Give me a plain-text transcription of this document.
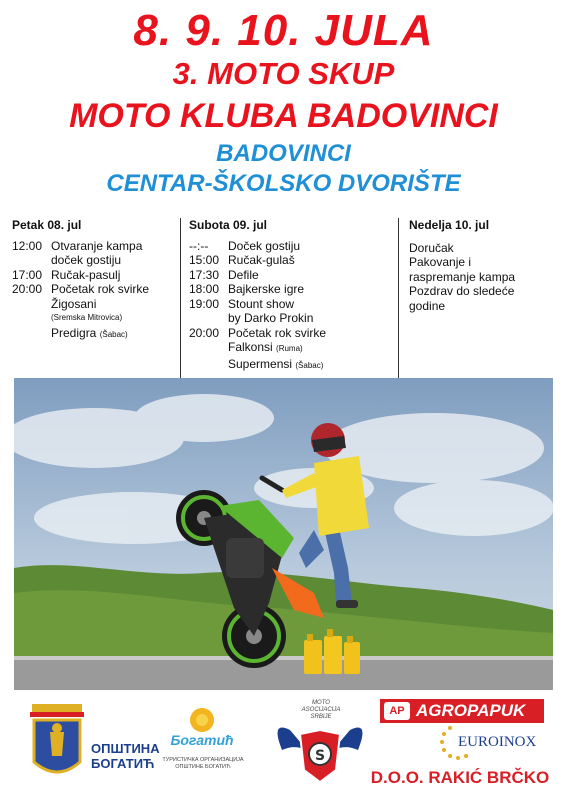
8. 9. 10. JULA
3. MOTO SKUP
MOTO KLUBA BADOVINCI
BADOVINCI
CENTAR-ŠKOLSKO DVORIŠTE
Petak 08. jul
12:00 Otvaranje kampa
doček gostiju
17:00 Ručak-pasulj
20:00 Početak rok svirke
Žigosani
(Sremska Mitrovica)
Predigra (Šabac)
Subota 09. jul
--:--	Doček gostiju
15:00 Ručak-gulaš
17:30 Defile
18:00 Bajkerske igre
19:00 Stount show
by Darko Prokin
20:00 Početak rok svirke
Falkonsi (Ruma)
Supermensi (Šabac)
Nedelja 10. jul
Doručak
Pakovanje i
raspremanje kampa
Pozdrav do sledeće
godine
S
ОПШТИНА
БОГАТИЋ
Богатић
ТУРИСТИЧКА ОРГАНИЗАЦИЈА
ОПШТИНЕ БОГАТИЋ
MOTO
ASOCIJACIJA
SRBIJE	AP AGROPAPUK
EUROINOX
D.O.O. RAKIĆ BRČKO
